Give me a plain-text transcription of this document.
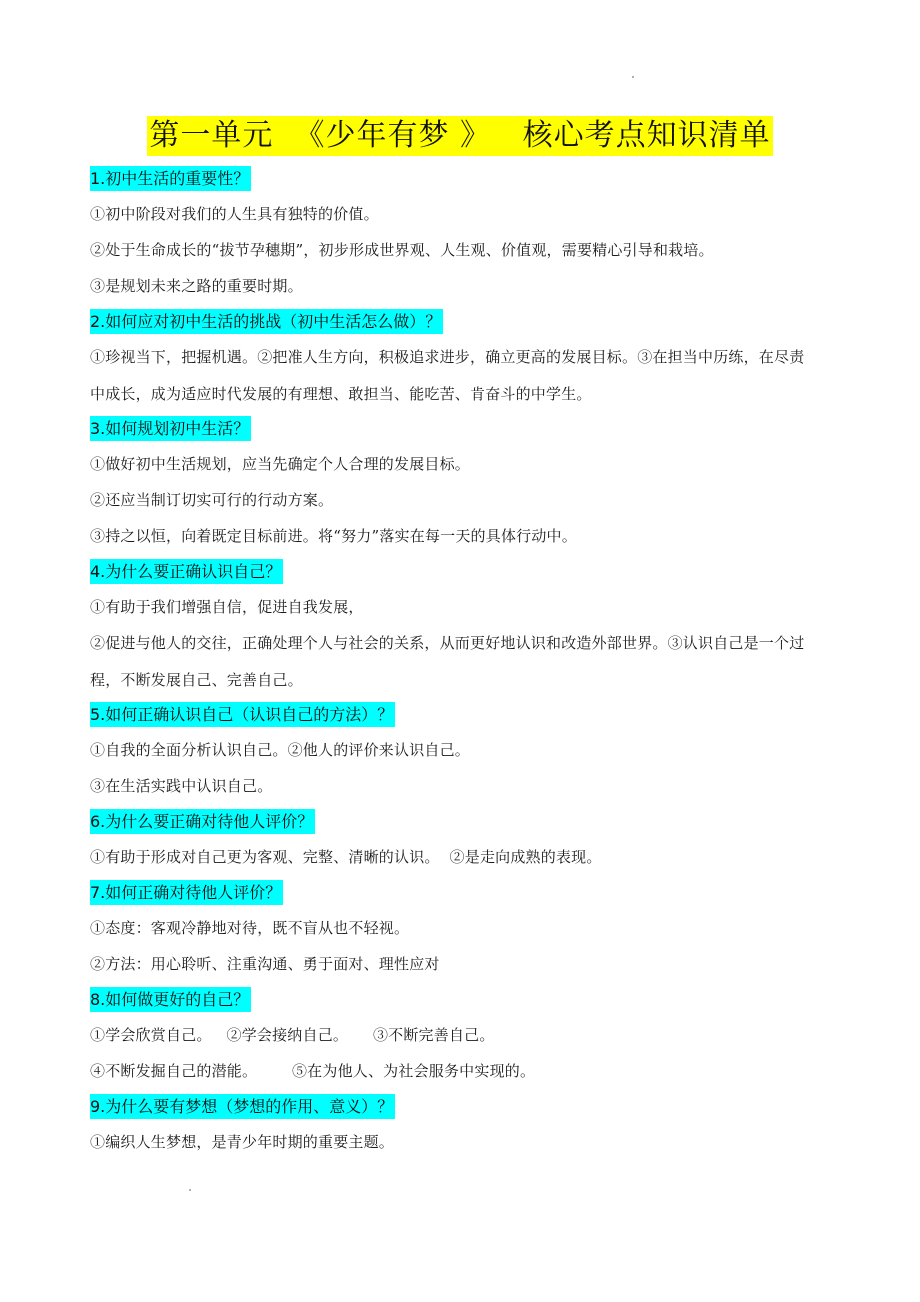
第一单元  《少年有梦 》   核心考点知识清单
1.初中生活的重要性？
①初中阶段对我们的人生具有独特的价值。
②处于生命成长的“拔节孕穗期”，初步形成世界观、人生观、价值观，需要精心引导和栽培。
③是规划未来之路的重要时期。
2.如何应对初中生活的挑战（初中生活怎么做）？
①珍视当下，把握机遇。②把准人生方向，积极追求进步，确立更高的发展目标。③在担当中历练，在尽责中成长，成为适应时代发展的有理想、敢担当、能吃苦、肯奋斗的中学生。
3.如何规划初中生活？
①做好初中生活规划，应当先确定个人合理的发展目标。
②还应当制订切实可行的行动方案。
③持之以恒，向着既定目标前进。将“努力”落实在每一天的具体行动中。
4.为什么要正确认识自己？
①有助于我们增强自信，促进自我发展，
②促进与他人的交往，正确处理个人与社会的关系，从而更好地认识和改造外部世界。③认识自己是一个过程，不断发展自己、完善自己。
5.如何正确认识自己（认识自己的方法）？
①自我的全面分析认识自己。②他人的评价来认识自己。
③在生活实践中认识自己。
6.为什么要正确对待他人评价？
①有助于形成对自己更为客观、完整、清晰的认识。  ②是走向成熟的表现。
7.如何正确对待他人评价？
①态度：客观冷静地对待，既不盲从也不轻视。
②方法：用心聆听、注重沟通、勇于面对、理性应对
8.如何做更好的自己？
①学会欣赏自己。   ②学会接纳自己。     ③不断完善自己。
④不断发掘自己的潜能。       ⑤在为他人、为社会服务中实现的。
9.为什么要有梦想（梦想的作用、意义）？
①编织人生梦想，是青少年时期的重要主题。
